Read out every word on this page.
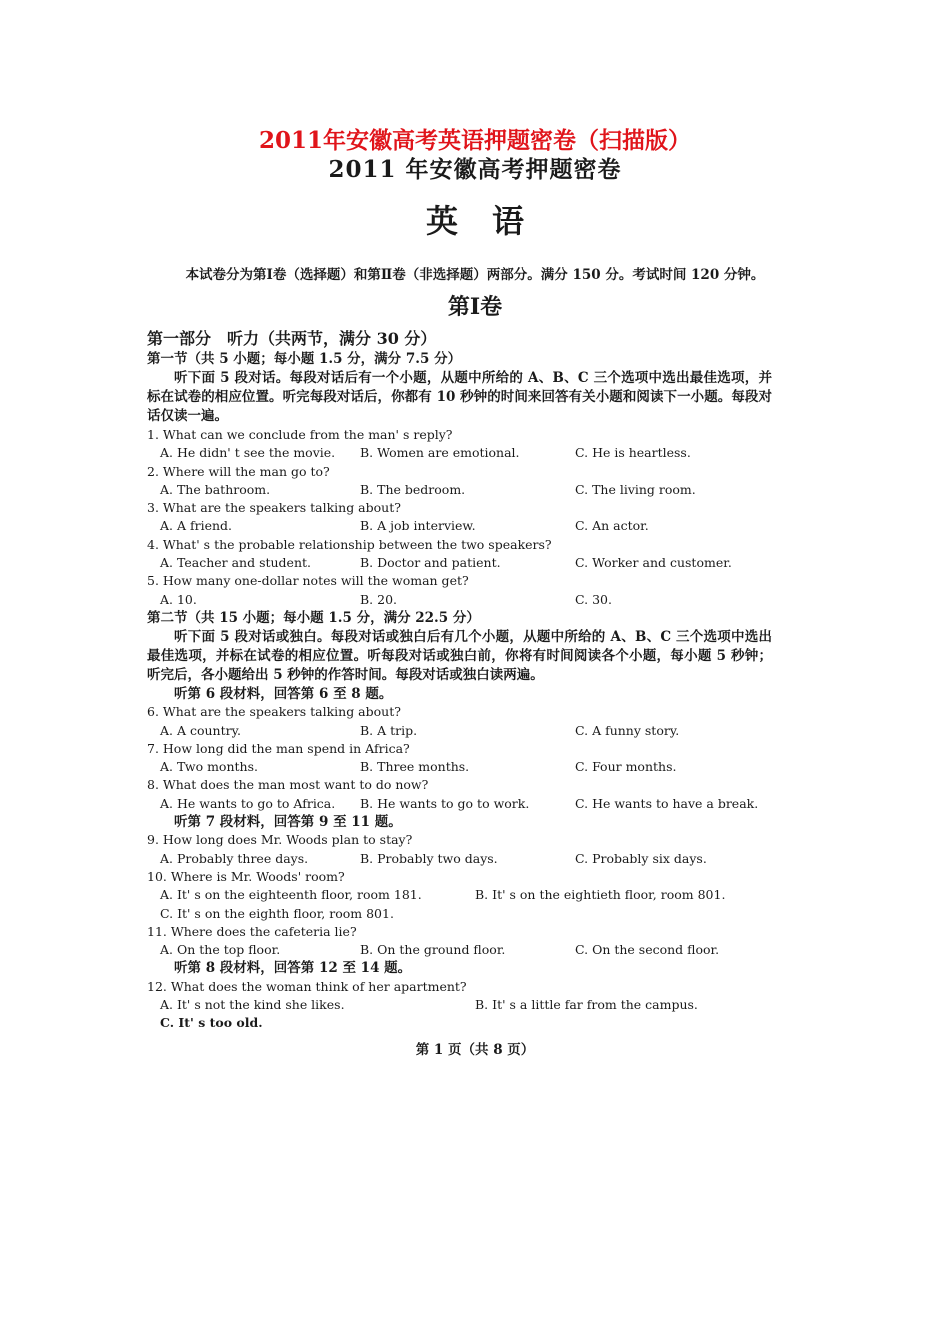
2011年安徽高考英语押题密卷（扫描版）
2011 年安徽高考押题密卷
英语
本试卷分为第Ⅰ卷（选择题）和第Ⅱ卷（非选择题）两部分。满分 150 分。考试时间 120 分钟。
第Ⅰ卷
第一部分　听力（共两节，满分 30 分）
第一节（共 5 小题；每小题 1.5 分，满分 7.5 分）
听下面 5 段对话。每段对话后有一个小题，从题中所给的 A、B、C 三个选项中选出最佳选项，并标在试卷的相应位置。听完每段对话后，你都有 10 秒钟的时间来回答有关小题和阅读下一小题。每段对话仅读一遍。
1. What can we conclude from the man' s reply?
A. He didn' t see the movie. B. Women are emotional.	C. He is heartless.
2. Where will the man go to?
A. The bathroom.	B. The bedroom.	C. The living room.
3. What are the speakers talking about?
A. A friend.	B. A job interview.	C. An actor.
4. What' s the probable relationship between the two speakers?
A. Teacher and student.	B. Doctor and patient.	C. Worker and customer.
5. How many one-dollar notes will the woman get?
A. 10.	B. 20.	C. 30.
第二节（共 15 小题；每小题 1.5 分，满分 22.5 分）
听下面 5 段对话或独白。每段对话或独白后有几个小题，从题中所给的 A、B、C 三个选项中选出最佳选项，并标在试卷的相应位置。听每段对话或独白前，你将有时间阅读各个小题，每小题 5 秒钟；听完后，各小题给出 5 秒钟的作答时间。每段对话或独白读两遍。
听第 6 段材料，回答第 6 至 8 题。
6. What are the speakers talking about?
A. A country.	B. A trip.	C. A funny story.
7. How long did the man spend in Africa?
A. Two months.	B. Three months.	C. Four months.
8. What does the man most want to do now?
A. He wants to go to Africa. B. He wants to go to work.	C. He wants to have a break.
听第 7 段材料，回答第 9 至 11 题。
9. How long does Mr. Woods plan to stay?
A. Probably three days.	B. Probably two days.	C. Probably six days.
10. Where is Mr. Woods' room?
A. It' s on the eighteenth floor, room 181.	B. It' s on the eightieth floor, room 801.
C. It' s on the eighth floor, room 801.
11. Where does the cafeteria lie?
A. On the top floor.	B. On the ground floor.	C. On the second floor.
听第 8 段材料，回答第 12 至 14 题。
12. What does the woman think of her apartment?
A. It' s not the kind she likes.	B. It' s a little far from the campus.
C. It' s too old.
第 1 页（共 8 页）
